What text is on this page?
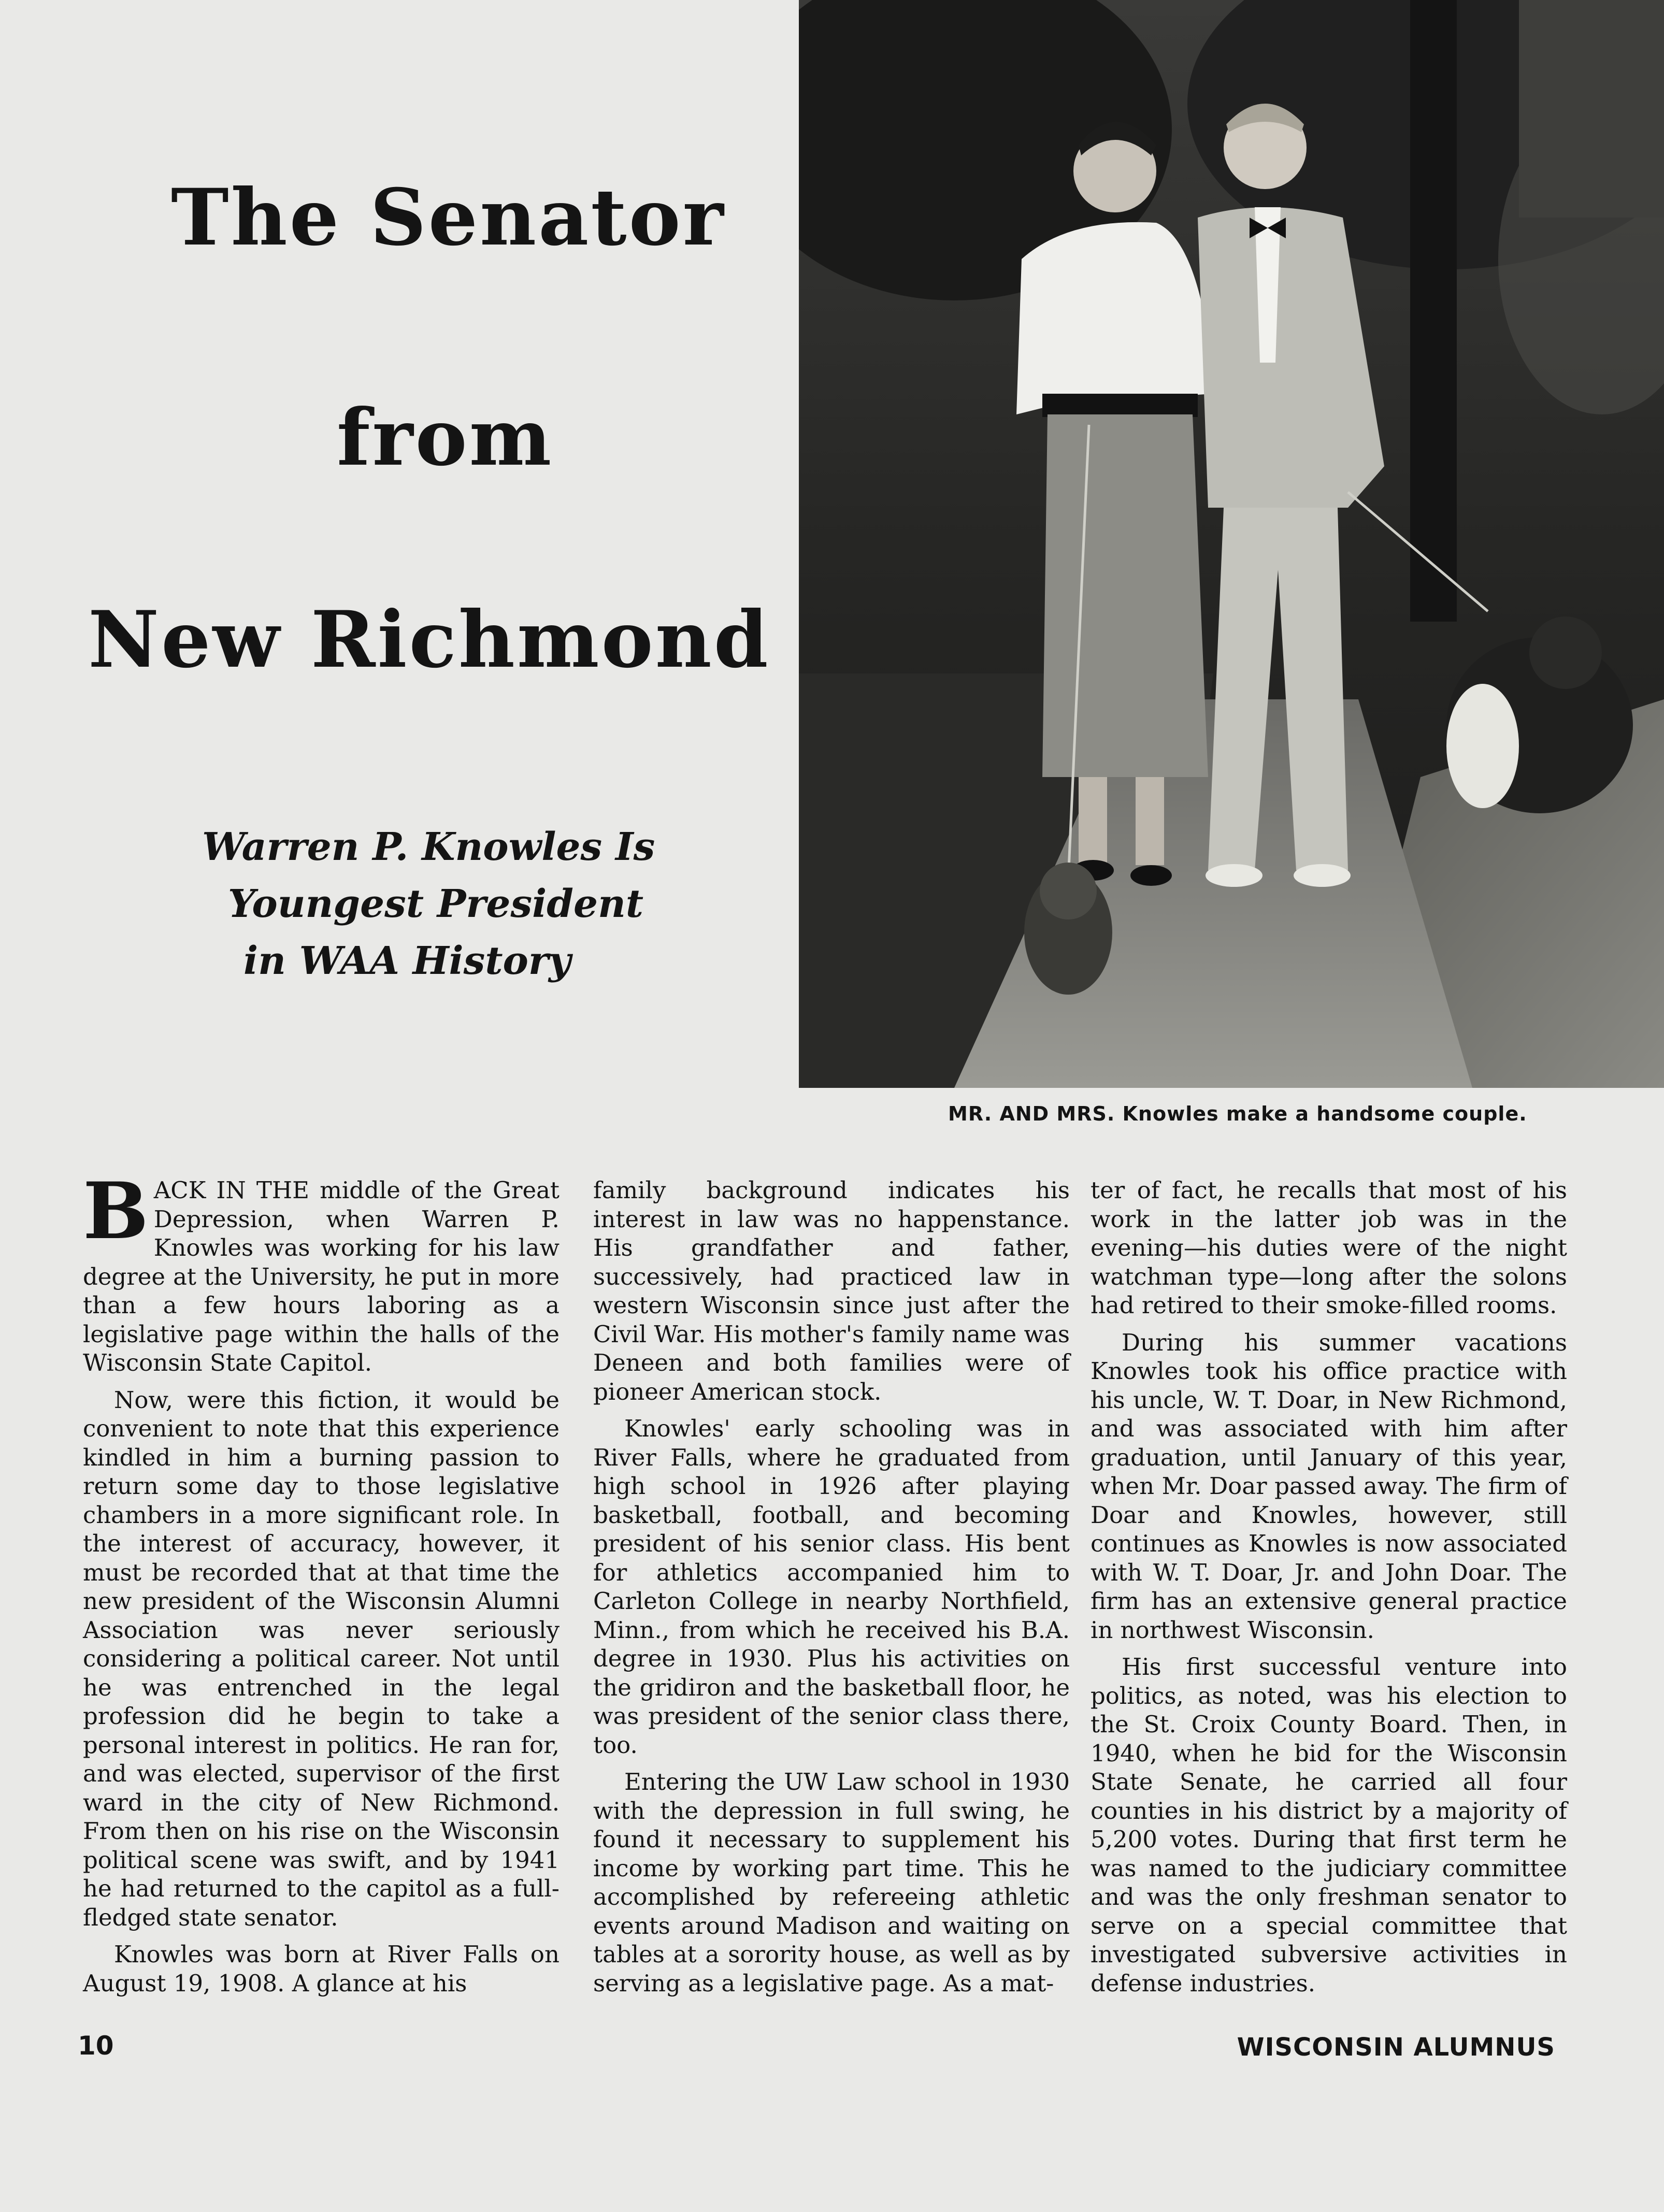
The Senator
from
New Richmond
Warren P. Knowles Is
Youngest President
in WAA History
MR. AND MRS. Knowles make a handsome couple.

BACK IN THE middle of the Great Depression, when Warren P. Knowles was working for his law degree at the University, he put in more than a few hours laboring as a legislative page within the halls of the Wisconsin State Capitol.

Now, were this fiction, it would be convenient to note that this experience kindled in him a burning passion to return some day to those legislative chambers in a more significant role. In the interest of accuracy, however, it must be recorded that at that time the new president of the Wisconsin Alumni Association was never seriously considering a political career. Not until he was entrenched in the legal profession did he begin to take a personal interest in politics. He ran for, and was elected, supervisor of the first ward in the city of New Richmond. From then on his rise on the Wisconsin political scene was swift, and by 1941 he had returned to the capitol as a full-fledged state senator.

Knowles was born at River Falls on August 19, 1908. A glance at his

family background indicates his interest in law was no happenstance. His grandfather and father, successively, had practiced law in western Wisconsin since just after the Civil War. His mother's family name was Deneen and both families were of pioneer American stock.

Knowles' early schooling was in River Falls, where he graduated from high school in 1926 after playing basketball, football, and becoming president of his senior class. His bent for athletics accompanied him to Carleton College in nearby Northfield, Minn., from which he received his B.A. degree in 1930. Plus his activities on the gridiron and the basketball floor, he was president of the senior class there, too.

Entering the UW Law school in 1930 with the depression in full swing, he found it necessary to supplement his income by working part time. This he accomplished by refereeing athletic events around Madison and waiting on tables at a sorority house, as well as by serving as a legislative page. As a mat-

ter of fact, he recalls that most of his work in the latter job was in the evening—his duties were of the night watchman type—long after the solons had retired to their smoke-filled rooms.

During his summer vacations Knowles took his office practice with his uncle, W. T. Doar, in New Richmond, and was associated with him after graduation, until January of this year, when Mr. Doar passed away. The firm of Doar and Knowles, however, still continues as Knowles is now associated with W. T. Doar, Jr. and John Doar. The firm has an extensive general practice in northwest Wisconsin.

His first successful venture into politics, as noted, was his election to the St. Croix County Board. Then, in 1940, when he bid for the Wisconsin State Senate, he carried all four counties in his district by a majority of 5,200 votes. During that first term he was named to the judiciary committee and was the only freshman senator to serve on a special committee that investigated subversive activities in defense industries.

10	WISCONSIN ALUMNUS
